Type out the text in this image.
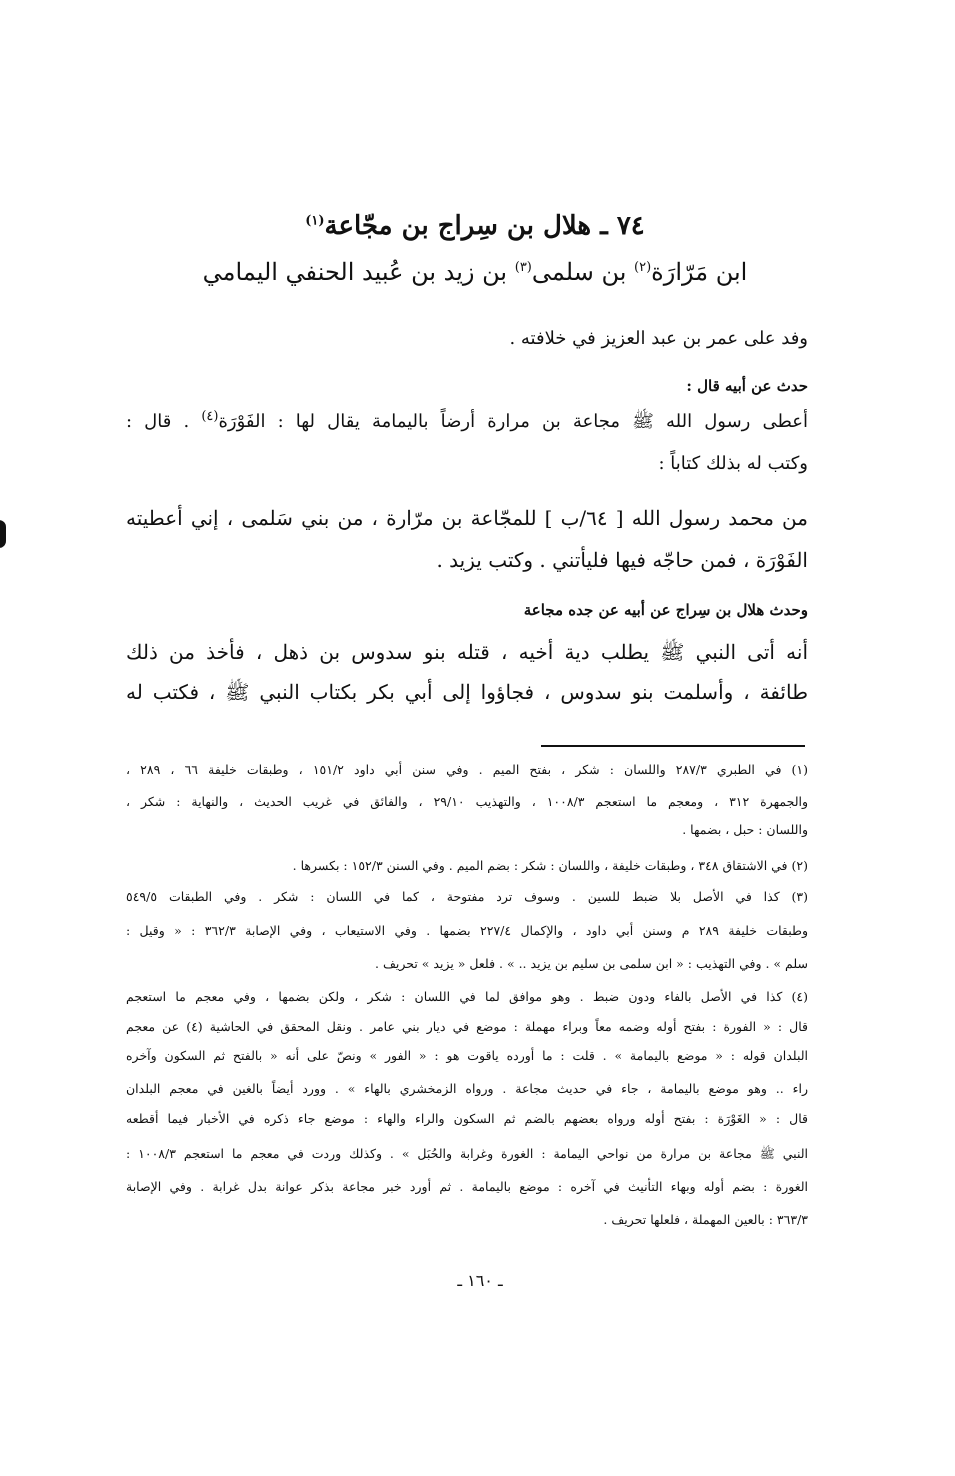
٧٤ ـ هلال بن سِراج بن مجّاعة$^{(١)}$
ابن مَرّارَة$^{(٢)}$ بن سلمى$^{(٣)}$ بن زيد بن عُبيد الحنفي اليمامي
وفد على عمر بن عبد العزيز في خلافته .
حدث عن أبيه قال :
أعطى رسول الله ﷺ مجاعة بن مرارة أرضاً باليمامة يقال لها : الفَوْرَة$^{(٤)}$ . قال :
وكتب له بذلك كتاباً :
من محمد رسول الله [ ٦٤/ب ] للمجّاعة بن مرّارة ، من بني سَلمى ، إني أعطيته
الفَوْرَة ، فمن حاجّه فيها فليأتني . وكتب يزيد .
وحدث هلال بن سِراج عن أبيه عن جده مجاعة
أنه أتى النبي ﷺ يطلب دية أخيه ، قتله بنو سدوس بن ذهل ، فأخذ من ذلك
طائفة ، وأسلمت بنو سدوس ، فجاؤوا إلى أبي بكر بكتاب النبي ﷺ ، فكتب له
(١) في الطبري ٢٨٧/٣ واللسان : شكر ، بفتح الميم . وفي سنن أبي داود ١٥١/٢ ، وطبقات خليفة ٦٦ ، ٢٨٩ ،
والجمهرة ٣١٢ ، ومعجم ما استعجم ١٠٠٨/٣ ، والتهذيب ٢٩/١٠ ، والفائق في غريب الحديث ، والنهاية : شكر ،
واللسان : حبل ، بضمها .
(٢) في الاشتقاق ٣٤٨ ، وطبقات خليفة ، واللسان : شكر : بضم الميم . وفي السنن ١٥٢/٣ : بكسرها .
(٣) كذا في الأصل بلا ضبط للسين . وسوف ترد مفتوحة ، كما في اللسان : شكر . وفي الطبقات ٥٤٩/٥
وطبقات خليفة ٢٨٩ م وسنن أبي داود ، والإكمال ٢٢٧/٤ بضمها . وفي الاستيعاب ، وفي الإصابة ٣٦٢/٣ : « وقيل :
سلم » . وفي التهذيب : « ابن سلمى بن سليم بن يزيد .. » . فلعل « يزيد » تحريف .
(٤) كذا في الأصل بالفاء ودون ضبط . وهو موافق لما في اللسان : شكر ، ولكن بضمها ، وفي معجم ما استعجم
قال : « الفورة : بفتح أوله وضمه معاً وبراء مهملة : موضع في ديار بني عامر . ونقل المحقق في الحاشية (٤) عن معجم
البلدان قوله : « موضع باليمامة » . قلت : ما أورده ياقوت هو : « الفور » ونصّ على أنه « بالفتح ثم السكون وآخره
راء .. وهو موضع باليمامة ، جاء في حديث مجاعة . ورواه الزمخشري بالهاء » . وورد أيضاً بالغين في معجم البلدان
قال : « الغَوْرَة : بفتح أوله ورواه بعضهم بالضم ثم السكون والراء والهاء : موضع جاء ذكره في الأخبار فيما أقطعه
النبي ﷺ مجاعة بن مرارة من نواحي اليمامة : الغورة وغرابة والحُبَل » . وكذلك وردت في معجم ما استعجم ١٠٠٨/٣ :
الغورة : بضم أوله وبهاء التأنيث في آخره : موضع باليمامة . ثم أورد خبر مجاعة بذكر عوانة بدل غرابة . وفي الإصابة
٣٦٣/٣ : بالعين المهملة ، فلعلها تحريف .
ـ ١٦٠ ـ
